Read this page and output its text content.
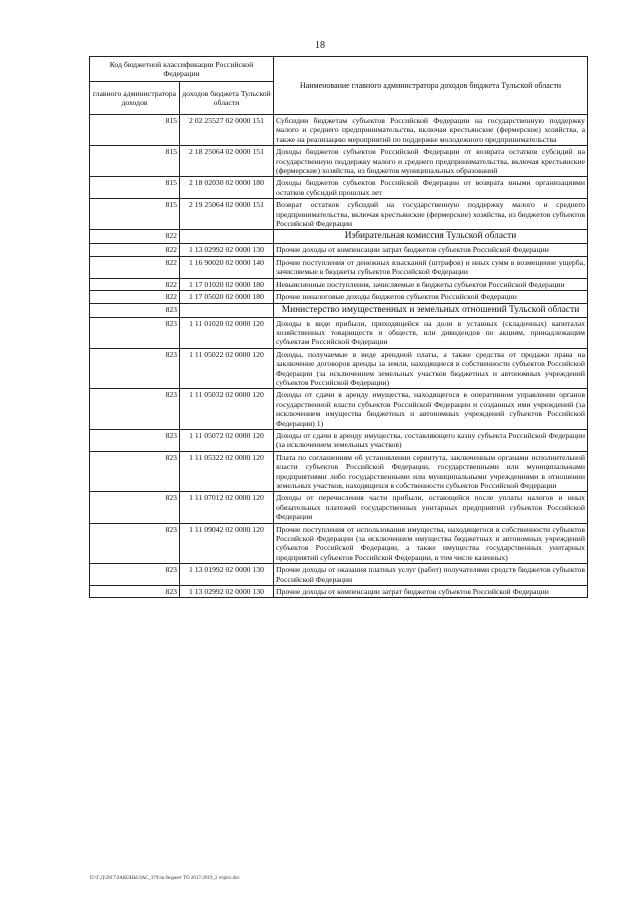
18
Код бюджетной классификации Российской Федерации		Наименование главного администратора доходов бюджета Тульской области
главного администратора доходов	доходов бюджета Тульской области	
815	2 02 25527 02 0000 151	Субсидии бюджетам субъектов Российской Федерации на государственную поддержку малого и среднего предпринимательства, включая крестьянские (фермерские) хозяйства, а также на реализацию мероприятий по поддержке молодежного предпринимательства
815	2 18 25064 02 0000 151	Доходы бюджетов субъектов Российской Федерации от возврата остатков субсидий на государственную поддержку малого и среднего предпринимательства, включая крестьянские (фермерские) хозяйства, из бюджетов муниципальных образований
815	2 18 02030 02 0000 180	Доходы бюджетов субъектов Российской Федерации от возврата иными организациями остатков субсидий прошлых лет
815	2 19 25064 02 0000 151	Возврат остатков субсидий на государственную поддержку малого и среднего предпринимательства, включая крестьянские (фермерские) хозяйства, из бюджетов субъектов Российской Федерации
822		Избирательная комиссия Тульской области
822	1 13 02992 02 0000 130	Прочие доходы от компенсации затрат бюджетов субъектов Российской Федерации
822	1 16 90020 02 0000 140	Прочие поступления от денежных взысканий (штрафов) и иных сумм в возмещение ущерба, зачисляемые в бюджеты субъектов Российской Федерации
822	1 17 01020 02 0000 180	Невыясненные поступления, зачисляемые в бюджеты субъектов Российской Федерации
822	1 17 05020 02 0000 180	Прочие неналоговые доходы бюджетов субъектов Российской Федерации
823		Министерство имущественных и земельных отношений Тульской области
823	1 11 01020 02 0000 120	Доходы в виде прибыли, приходящейся на доли в уставных (складочных) капиталах хозяйственных товариществ и обществ, или дивидендов по акциям, принадлежащим субъектам Российской Федерации
823	1 11 05022 02 0000 120	Доходы, получаемые в виде арендной платы, а также средства от продажи права на заключение договоров аренды за земли, находящиеся в собственности субъектов Российской Федерации (за исключением земельных участков бюджетных и автономных учреждений субъектов Российской Федерации)
823	1 11 05032 02 0000 120	Доходы от сдачи в аренду имущества, находящегося в оперативном управлении органов государственной власти субъектов Российской Федерации и созданных ими учреждений (за исключением имущества бюджетных и автономных учреждений субъектов Российской Федерации) 1)
823	1 11 05072 02 0000 120	Доходы от сдачи в аренду имущества, составляющего казну субъекта Российской Федерации (за исключением земельных участков)
823	1 11 05322 02 0000 120	Плата по соглашениям об установлении сервитута, заключенным органами исполнительной власти субъектов Российской Федерации, государственными или муниципальными предприятиями либо государственными или муниципальными учреждениями в отношении земельных участков, находящихся в собственности субъектов Российской Федерации
823	1 11 07012 02 0000 120	Доходы от перечисления части прибыли, остающейся после уплаты налогов и иных обязательных платежей государственных унитарных предприятий субъектов Российской Федерации
823	1 11 09042 02 0000 120	Прочие поступления от использования имущества, находящегося в собственности субъектов Российской Федерации (за исключением имущества бюджетных и автономных учреждений субъектов Российской Федерации, а также имущества государственных унитарных предприятий субъектов Российской Федерации, в том числе казенных)
823	1 13 01992 02 0000 130	Прочие доходы от оказания платных услуг (работ) получателями средств бюджетов субъектов Российской Федерации
823	1 13 02992 02 0000 130	Прочие доходы от компенсации затрат бюджетов субъектов Российской Федерации
D:\Г:Д\2017\ЗАКОНЫ\ЗАС_379\зк бюджет ТО 2017-2019_2 чтрп1.doc
